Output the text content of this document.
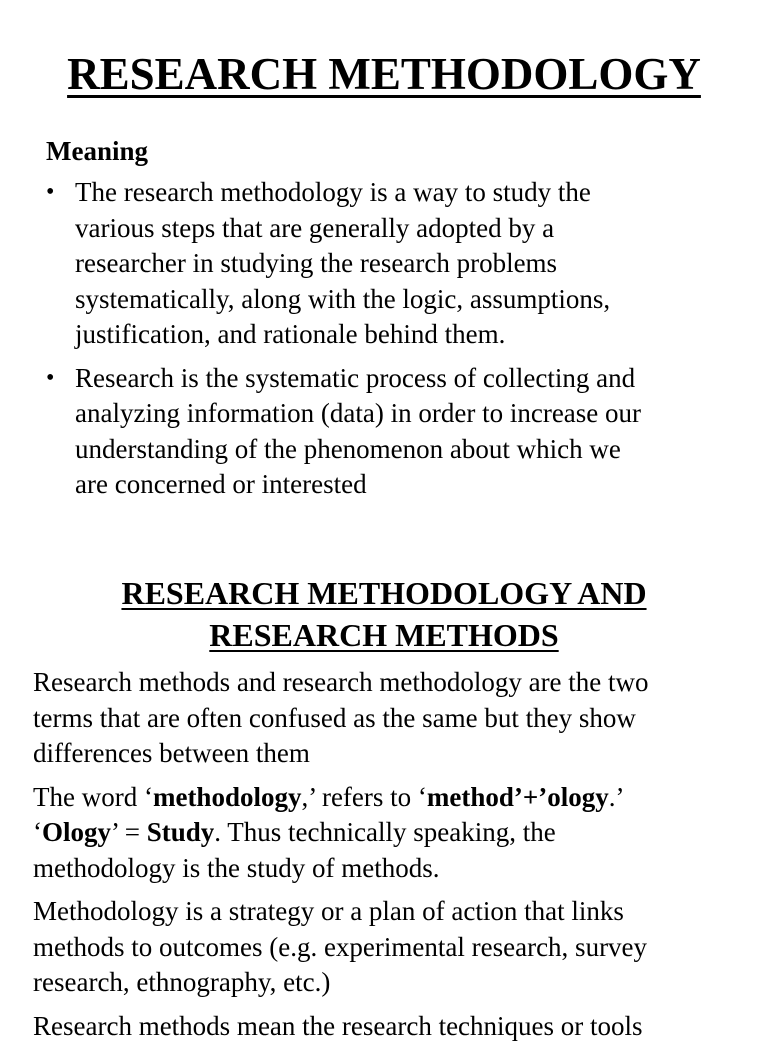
RESEARCH METHODOLOGY
Meaning
• The research methodology is a way to study the
various steps that are generally adopted by a
researcher in studying the research problems
systematically, along with the logic, assumptions,
justification, and rationale behind them.
• Research is the systematic process of collecting and
analyzing information (data) in order to increase our
understanding of the phenomenon about which we
are concerned or interested
RESEARCH METHODOLOGY AND
RESEARCH METHODS

Research methods and research methodology are the two
terms that are often confused as the same but they show
differences between them

The word ‘methodology,’ refers to ‘method’+’ology.’
‘Ology’ = Study. Thus technically speaking, the
methodology is the study of methods.

Methodology is a strategy or a plan of action that links
methods to outcomes (e.g. experimental research, survey
research, ethnography, etc.)

Research methods mean the research techniques or tools
